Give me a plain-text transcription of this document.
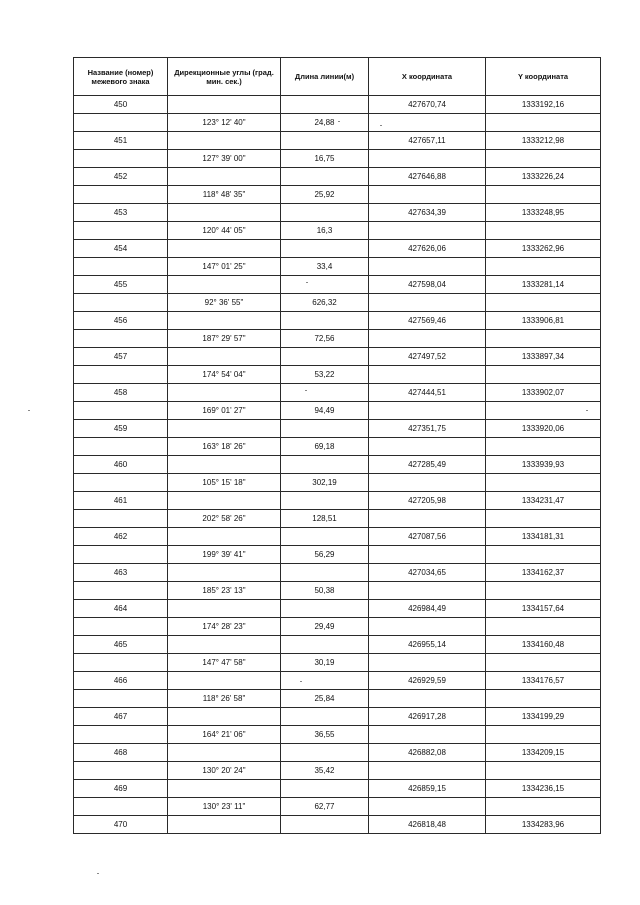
Название (номер) межевого знака	Дирекционные углы (град. мин. сек.)	Длина линии(м)	X координата	Y координата
450			427670,74	1333192,16
	123° 12' 40"	24,88		
451			427657,11	1333212,98
	127° 39' 00"	16,75		
452			427646,88	1333226,24
	118° 48' 35"	25,92		
453			427634,39	1333248,95
	120° 44' 05"	16,3		
454			427626,06	1333262,96
	147° 01' 25"	33,4		
455			427598,04	1333281,14
	92° 36' 55"	626,32		
456			427569,46	1333906,81
	187° 29' 57"	72,56		
457			427497,52	1333897,34
	174° 54' 04"	53,22		
458			427444,51	1333902,07
	169° 01' 27"	94,49		
459			427351,75	1333920,06
	163° 18' 26"	69,18		
460			427285,49	1333939,93
	105° 15' 18"	302,19		
461			427205,98	1334231,47
	202° 58' 26"	128,51		
462			427087,56	1334181,31
	199° 39' 41"	56,29		
463			427034,65	1334162,37
	185° 23' 13"	50,38		
464			426984,49	1334157,64
	174° 28' 23"	29,49		
465			426955,14	1334160,48
	147° 47' 58"	30,19		
466			426929,59	1334176,57
	118° 26' 58"	25,84		
467			426917,28	1334199,29
	164° 21' 06"	36,55		
468			426882,08	1334209,15
	130° 20' 24"	35,42		
469			426859,15	1334236,15
	130° 23' 11"	62,77		
470			426818,48	1334283,96
